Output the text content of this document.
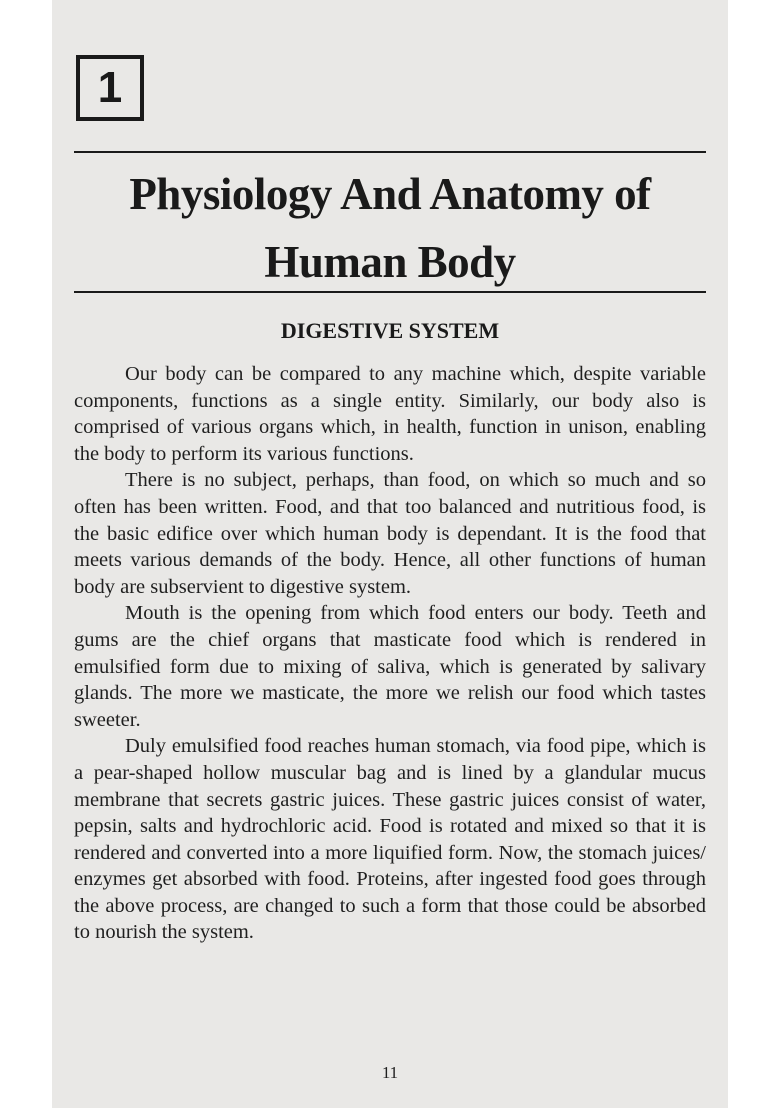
1
Physiology And Anatomy of
Human Body
DIGESTIVE SYSTEM

Our body can be compared to any machine which, despite variable components, functions as a single entity. Similarly, our body also is comprised of various organs which, in health, function in unison, enabling the body to perform its various functions.

There is no subject, perhaps, than food, on which so much and so often has been written. Food, and that too balanced and nutritious food, is the basic edifice over which human body is dependant. It is the food that meets various demands of the body. Hence, all other functions of human body are subservient to digestive system.

Mouth is the opening from which food enters our body. Teeth and gums are the chief organs that masticate food which is rendered in emulsified form due to mixing of saliva, which is generated by salivary glands. The more we masticate, the more we relish our food which tastes sweeter.

Duly emulsified food reaches human stomach, via food pipe, which is a pear-shaped hollow muscular bag and is lined by a glandular mucus membrane that secrets gastric juices. These gastric juices consist of water, pepsin, salts and hydrochloric acid. Food is rotated and mixed so that it is rendered and converted into a more liquified form. Now, the stomach juices/ enzymes get absorbed with food. Proteins, after ingested food goes through the above process, are changed to such a form that those could be absorbed to nourish the system.

11
